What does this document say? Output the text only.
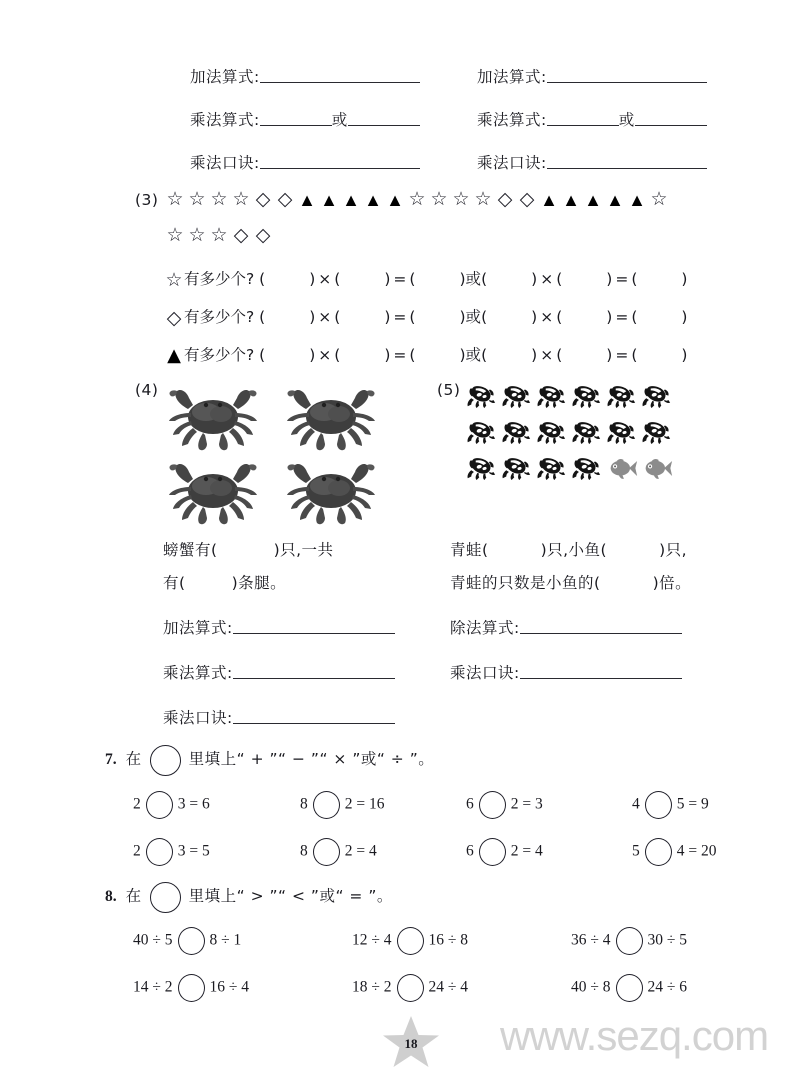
加法算式:
乘法算式:	或
乘法口诀:
加法算式:
乘法算式:	或
乘法口诀:
(3) ☆ ☆ ☆ ☆ ◇ ◇ ▲ ▲ ▲ ▲ ▲ ☆ ☆ ☆ ☆ ◇ ◇ ▲ ▲ ▲ ▲ ▲ ☆
☆ ☆ ☆ ◇ ◇
☆有多少个? (	) × (	) = (	)或(	) × (	) = (	)
◇ 有多少个? (	) × (	) = (	)或(	) × (	) = (	)
▲ 有多少个? (	) × (	) = (	)或(	) × (	) = (	)
(4)
螃蟹有(	)只,一共
有(	)条腿。
加法算式:
乘法算式:
乘法口诀:
(5)
青蛙(	)只,小鱼(	)只,
青蛙的只数是小鱼的(	)倍。
除法算式:
乘法口诀:
7. 在	里填上“ + ”“ − ”“ × ”或“ ÷ ”。
2 3 = 6	8 2 = 16	6 2 = 3	4 5 = 9
2 3 = 5	8 2 = 4	6 2 = 4	5 4 = 20
8. 在	里填上“ > ”“ < ”或“ = ”。
40 ÷ 5 8 ÷ 1	12 ÷ 4 16 ÷ 8	36 ÷ 4 30 ÷ 5
14 ÷ 2 16 ÷ 4	18 ÷ 2 24 ÷ 4	40 ÷ 8 24 ÷ 6
18	www.sezq.com
